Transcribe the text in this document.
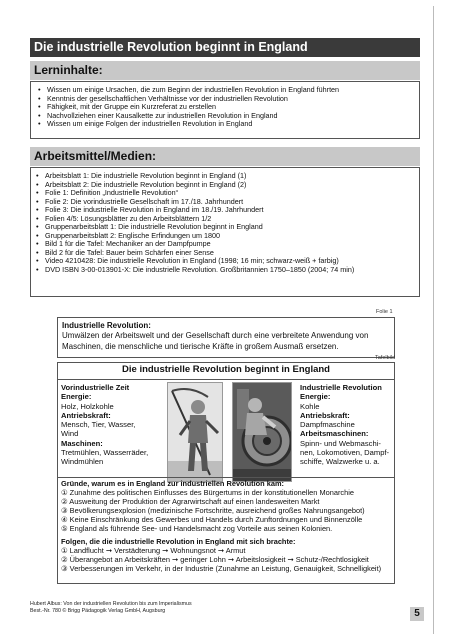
Die industrielle Revolution beginnt in England
Lerninhalte:
• Wissen um einige Ursachen, die zum Beginn der industriellen Revolution in England führten
• Kenntnis der gesellschaftlichen Verhältnisse vor der industriellen Revolution
• Fähigkeit, mit der Gruppe ein Kurzreferat zu erstellen
• Nachvollziehen einer Kausalkette zur industriellen Revolution in England
• Wissen um einige Folgen der industriellen Revolution in England
Arbeitsmittel/Medien:
• Arbeitsblatt 1: Die industrielle Revolution beginnt in England (1)
• Arbeitsblatt 2: Die industrielle Revolution beginnt in England (2)
• Folie 1: Definition „Industrielle Revolution“
• Folie 2: Die vorindustrielle Gesellschaft im 17./18. Jahrhundert
• Folie 3: Die industrielle Revolution in England im 18./19. Jahrhundert
• Folien 4/5: Lösungsblätter zu den Arbeitsblättern 1/2
• Gruppenarbeitsblatt 1: Die industrielle Revolution beginnt in England
• Gruppenarbeitsblatt 2: Englische Erfindungen um 1800
• Bild 1 für die Tafel: Mechaniker an der Dampfpumpe
• Bild 2 für die Tafel: Bauer beim Schärfen einer Sense
• Video 4210428: Die industrielle Revolution in England (1998; 16 min; schwarz-weiß + farbig)
• DVD ISBN 3-00-013901-X: Die industrielle Revolution. Großbritannien 1750–1850 (2004; 74 min)
Folie 1
Industrielle Revolution:
Umwälzen der Arbeitswelt und der Gesellschaft durch eine verbreitete Anwendung von
Maschinen, die menschliche und tierische Kräfte in großem Ausmaß ersetzen.
Tafelbild
Die industrielle Revolution beginnt in England
Vorindustrielle Zeit
Energie:
Holz, Holzkohle
Antriebskraft:
Mensch, Tier, Wasser,
Wind
Maschinen:
Tretmühlen, Wasserräder,
Windmühlen
Industrielle Revolution
Energie:
Kohle
Antriebskraft:
Dampfmaschine
Arbeitsmaschinen:
Spinn- und Webmaschi-
nen, Lokomotiven, Dampf-
schiffe, Walzwerke u. a.
Gründe, warum es in England zur industriellen Revolution kam:
① Zunahme des politischen Einflusses des Bürgertums in der konstitutionellen Monarchie
② Ausweitung der Produktion der Agrarwirtschaft auf einen landesweiten Markt
③ Bevölkerungsexplosion (medizinische Fortschritte, ausreichend großes Nahrungsangebot)
④ Keine Einschränkung des Gewerbes und Handels durch Zunftordnungen und Binnenzölle
⑤ England als führende See- und Handelsmacht zog Vorteile aus seinen Kolonien.
Folgen, die die industrielle Revolution in England mit sich brachte:
① Landflucht ➞ Verstädterung ➞ Wohnungsnot ➞ Armut
② Überangebot an Arbeitskräften ➞ geringer Lohn ➞ Arbeitslosigkeit ➞ Schutz-/Rechtlosigkeit
③ Verbesserungen im Verkehr, in der Industrie (Zunahme an Leistung, Genauigkeit, Schnelligkeit)
Hubert Albus: Von der industriellen Revolution bis zum Imperialismus
Best.-Nr. 780 © Brigg Pädagogik Verlag GmbH, Augsburg	5
